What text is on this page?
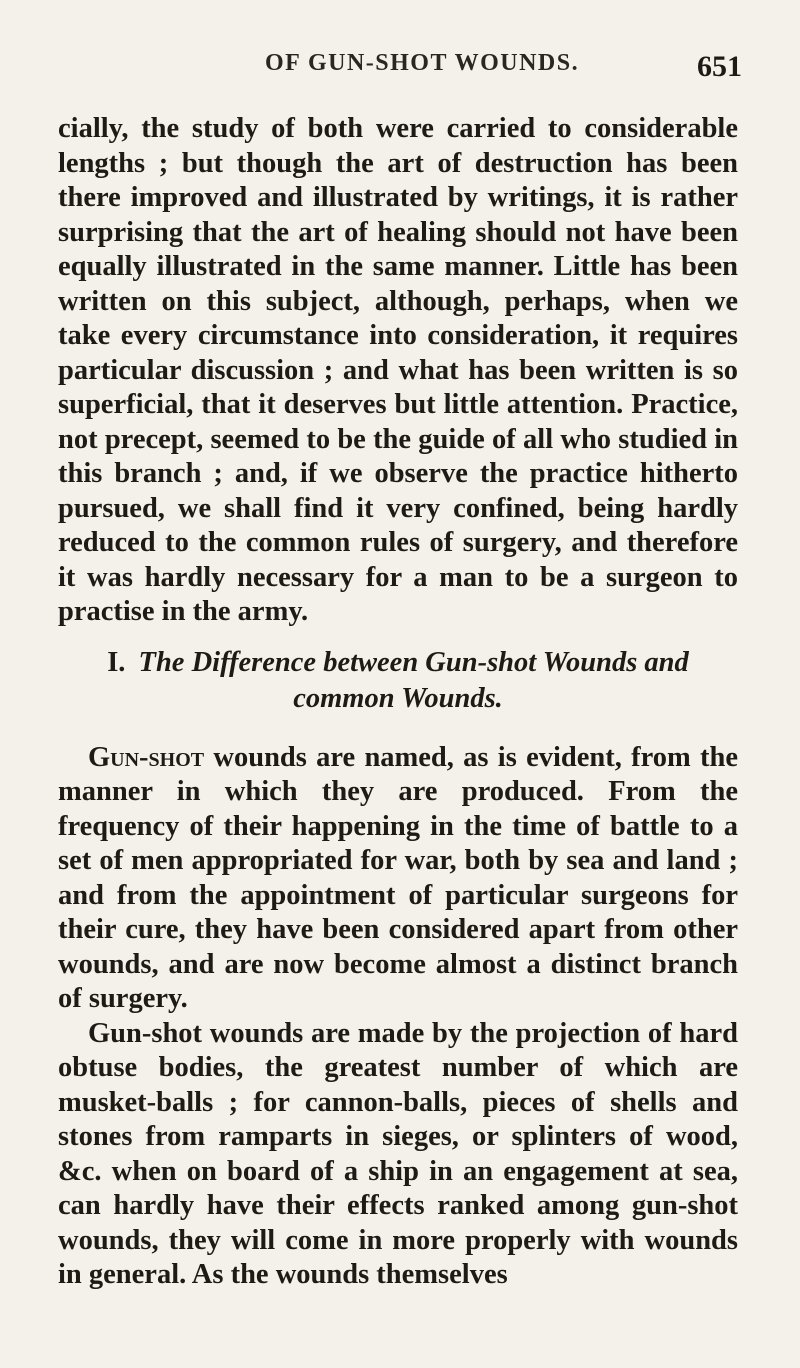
OF GUN-SHOT WOUNDS.	651

cially, the study of both were carried to considerable lengths ; but though the art of destruction has been there improved and illustrated by writings, it is rather surprising that the art of healing should not have been equally illustrated in the same manner. Little has been written on this subject, although, perhaps, when we take every circumstance into consideration, it requires particular discussion ; and what has been written is so superficial, that it deserves but little attention. Practice, not precept, seemed to be the guide of all who studied in this branch ; and, if we observe the practice hitherto pursued, we shall find it very confined, being hardly reduced to the common rules of surgery, and therefore it was hardly necessary for a man to be a surgeon to practise in the army.

I. The Difference between Gun-shot Wounds and common Wounds.

Gun-shot wounds are named, as is evident, from the manner in which they are produced. From the frequency of their happening in the time of battle to a set of men appropriated for war, both by sea and land ; and from the appointment of particular surgeons for their cure, they have been considered apart from other wounds, and are now become almost a distinct branch of surgery.

Gun-shot wounds are made by the projection of hard obtuse bodies, the greatest number of which are musket-balls ; for cannon-balls, pieces of shells and stones from ramparts in sieges, or splinters of wood, &c. when on board of a ship in an engagement at sea, can hardly have their effects ranked among gun-shot wounds, they will come in more properly with wounds in general. As the wounds themselves
